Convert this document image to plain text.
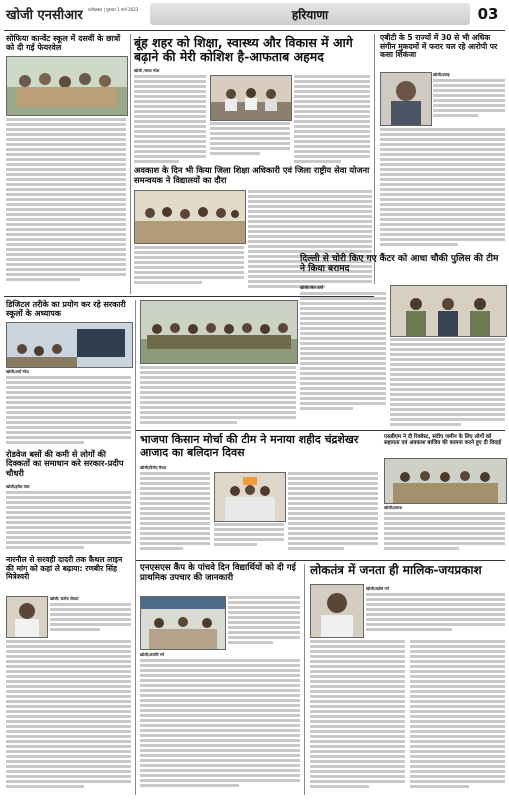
खोजी एनसीआर फरीदाबाद | गुरुवार 1 मार्च 2023	हरियाणा	03
सोफिया कान्वेंट स्कूल में दसवीं के छात्रों को दी गई फेयरवेल	बूंह शहर को शिक्षा, स्वास्थ्य और विकास में आगे बढ़ाने की मेरी कोशिश है-आफताब अहमद
खोजी /जगत नरेश
एबीटी के 5 राज्यों में 30 से भी अधिक संगीन मुकदमों में फरार चल रहे आरोपी पर कसा शिकंजा
खोजी/प्रवाह
अवकाश के दिन भी किया जिला शिक्षा अधिकारी एवं जिला राष्ट्रीय सेवा योजना समन्वयक ने विद्यालयों का दौरा
डिजिटल तरीके का प्रयोग कर रहे सरकारी स्कूलों के अध्यापक
खोजी/शर्मा नरेश
दिल्ली से चोरी किए गए कैंटर को आधा चौकी पुलिस की टीम ने किया बरामद
खोजी/रमेश शर्मा
रोडवेज बसों की कमी से लोगों की दिक्कतों का समाधान करे सरकार-प्रदीप चौधरी
खोजी/हरीश तंवर
भाजपा किसान मोर्चा की टीम ने मनाया शहीद चंद्रशेखर आजाद का बलिदान दिवस
खोजी/विनोद मैराथ
एसडीएम ने दी रिक्वेस्ट, संदीप जमीन के लिए लोगों को सहायता एवं अवकाश बाजिव की कामना करने हुए दी विदाई
खोजी/प्रकाश
नारनौल से सरवही दादरी तक कैथल लाइन की मांग को कहां ले बढ़ाया: रणबीर सिंह मित्रेश्वरी
खोजी/ संतोष गोदारा
एनएसएस कैंप के पांचवे दिन विद्यार्थियों को दी गई प्राथमिक उपचार की जानकारी
खोजी/अंजलि गर्ग
लोकतंत्र में जनता ही मालिक-जयप्रकाश
खोजी/संतोष गर्ग
